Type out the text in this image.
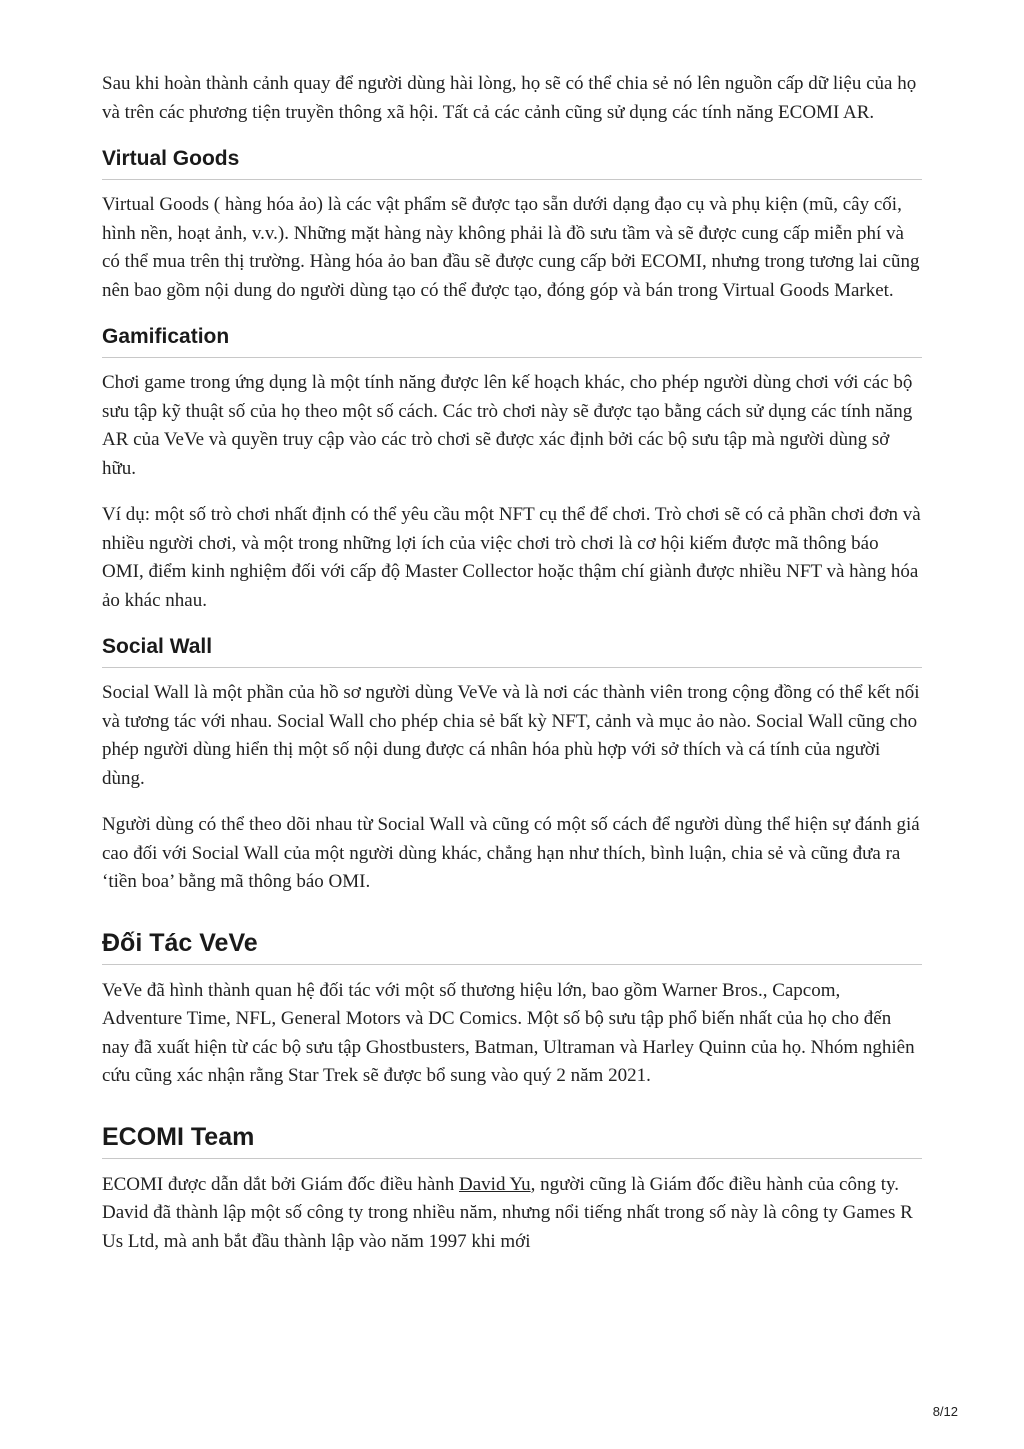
Sau khi hoàn thành cảnh quay để người dùng hài lòng, họ sẽ có thể chia sẻ nó lên nguồn cấp dữ liệu của họ và trên các phương tiện truyền thông xã hội. Tất cả các cảnh cũng sử dụng các tính năng ECOMI AR.

Virtual Goods

Virtual Goods ( hàng hóa ảo) là các vật phẩm sẽ được tạo sẵn dưới dạng đạo cụ và phụ kiện (mũ, cây cối, hình nền, hoạt ảnh, v.v.). Những mặt hàng này không phải là đồ sưu tầm và sẽ được cung cấp miễn phí và có thể mua trên thị trường. Hàng hóa ảo ban đầu sẽ được cung cấp bởi ECOMI, nhưng trong tương lai cũng nên bao gồm nội dung do người dùng tạo có thể được tạo, đóng góp và bán trong Virtual Goods Market.

Gamification

Chơi game trong ứng dụng là một tính năng được lên kế hoạch khác, cho phép người dùng chơi với các bộ sưu tập kỹ thuật số của họ theo một số cách. Các trò chơi này sẽ được tạo bằng cách sử dụng các tính năng AR của VeVe và quyền truy cập vào các trò chơi sẽ được xác định bởi các bộ sưu tập mà người dùng sở hữu.

Ví dụ: một số trò chơi nhất định có thể yêu cầu một NFT cụ thể để chơi. Trò chơi sẽ có cả phần chơi đơn và nhiều người chơi, và một trong những lợi ích của việc chơi trò chơi là cơ hội kiếm được mã thông báo OMI, điểm kinh nghiệm đối với cấp độ Master Collector hoặc thậm chí giành được nhiều NFT và hàng hóa ảo khác nhau.

Social Wall

Social Wall là một phần của hồ sơ người dùng VeVe và là nơi các thành viên trong cộng đồng có thể kết nối và tương tác với nhau. Social Wall cho phép chia sẻ bất kỳ NFT, cảnh và mục ảo nào. Social Wall cũng cho phép người dùng hiển thị một số nội dung được cá nhân hóa phù hợp với sở thích và cá tính của người dùng.

Người dùng có thể theo dõi nhau từ Social Wall và cũng có một số cách để người dùng thể hiện sự đánh giá cao đối với Social Wall của một người dùng khác, chẳng hạn như thích, bình luận, chia sẻ và cũng đưa ra ‘tiền boa’ bằng mã thông báo OMI.

Đối Tác VeVe

VeVe đã hình thành quan hệ đối tác với một số thương hiệu lớn, bao gồm Warner Bros., Capcom, Adventure Time, NFL, General Motors và DC Comics. Một số bộ sưu tập phổ biến nhất của họ cho đến nay đã xuất hiện từ các bộ sưu tập Ghostbusters, Batman, Ultraman và Harley Quinn của họ. Nhóm nghiên cứu cũng xác nhận rằng Star Trek sẽ được bổ sung vào quý 2 năm 2021.

ECOMI Team

ECOMI được dẫn dắt bởi Giám đốc điều hành David Yu, người cũng là Giám đốc điều hành của công ty. David đã thành lập một số công ty trong nhiều năm, nhưng nổi tiếng nhất trong số này là công ty Games R Us Ltd, mà anh bắt đầu thành lập vào năm 1997 khi mới

8/12
